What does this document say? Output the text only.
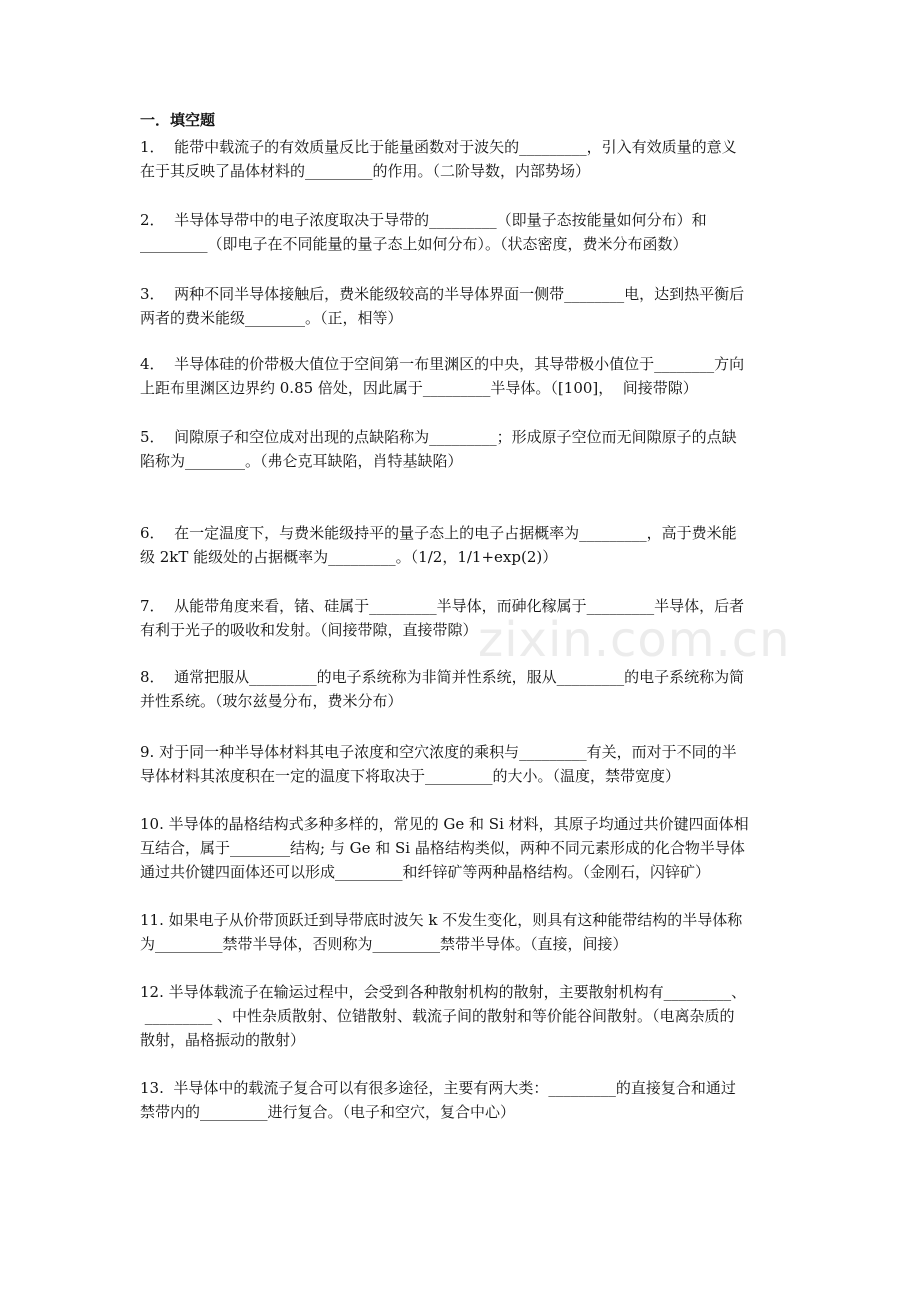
zixin.com.cn
一．填空题
1．  能带中载流子的有效质量反比于能量函数对于波矢的_________，引入有效质量的意义
在于其反映了晶体材料的_________的作用。（二阶导数，内部势场）
2．  半导体导带中的电子浓度取决于导带的_________（即量子态按能量如何分布）和
_________（即电子在不同能量的量子态上如何分布）。（状态密度，费米分布函数）
3．  两种不同半导体接触后，费米能级较高的半导体界面一侧带________电，达到热平衡后
两者的费米能级________。（正，相等）
4．  半导体硅的价带极大值位于空间第一布里渊区的中央，其导带极小值位于________方向
上距布里渊区边界约 0.85 倍处，因此属于_________半导体。（[100]，  间接带隙）
5．  间隙原子和空位成对出现的点缺陷称为_________；形成原子空位而无间隙原子的点缺
陷称为________。（弗仑克耳缺陷，肖特基缺陷）
6．  在一定温度下，与费米能级持平的量子态上的电子占据概率为_________，高于费米能
级 2kT 能级处的占据概率为_________。（1/2，1/1+exp(2)）
7．  从能带角度来看，锗、硅属于_________半导体，而砷化稼属于_________半导体，后者
有利于光子的吸收和发射。（间接带隙，直接带隙）
8．  通常把服从_________的电子系统称为非简并性系统，服从_________的电子系统称为简
并性系统。（玻尔兹曼分布，费米分布）
9. 对于同一种半导体材料其电子浓度和空穴浓度的乘积与_________有关，而对于不同的半
导体材料其浓度积在一定的温度下将取决于_________的大小。（温度，禁带宽度）
10. 半导体的晶格结构式多种多样的，常见的 Ge 和 Si 材料，其原子均通过共价键四面体相
互结合，属于________结构; 与 Ge 和 Si 晶格结构类似，两种不同元素形成的化合物半导体
通过共价键四面体还可以形成_________和纤锌矿等两种晶格结构。（金刚石，闪锌矿）
11. 如果电子从价带顶跃迁到导带底时波矢 k 不发生变化，则具有这种能带结构的半导体称
为_________禁带半导体，否则称为_________禁带半导体。（直接，间接）
12. 半导体载流子在输运过程中，会受到各种散射机构的散射，主要散射机构有_________、
_________ 、中性杂质散射、位错散射、载流子间的散射和等价能谷间散射。（电离杂质的
散射，晶格振动的散射）
13.  半导体中的载流子复合可以有很多途径，主要有两大类：_________的直接复合和通过
禁带内的_________进行复合。（电子和空穴，复合中心）
